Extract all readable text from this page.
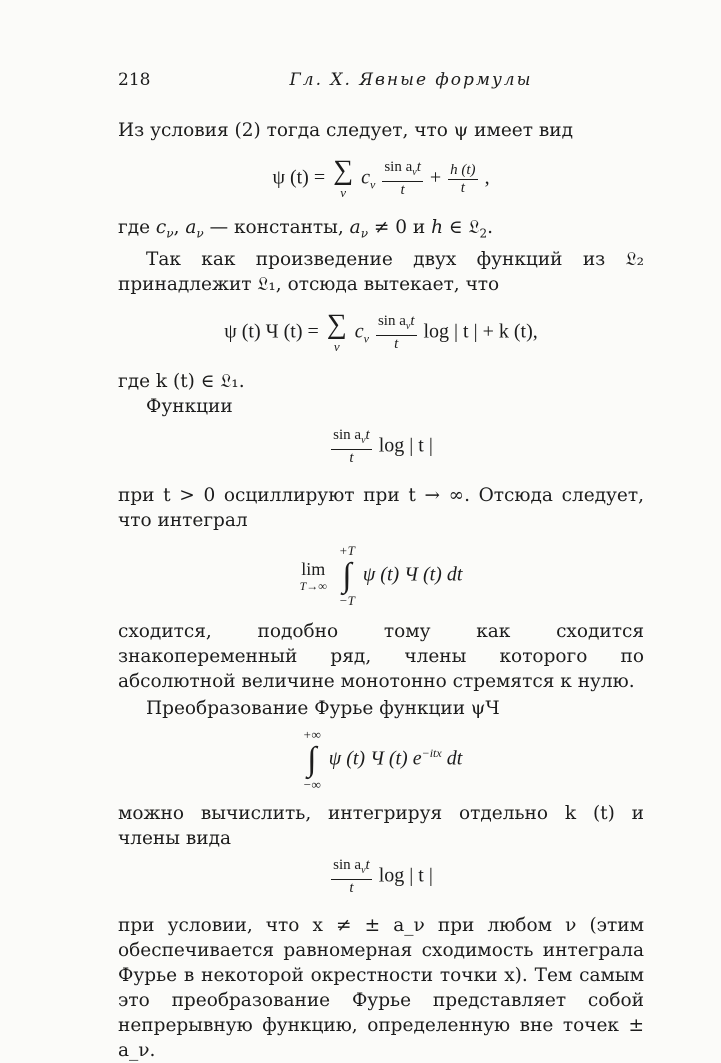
218	Гл. X. Явные формулы

Из условия (2) тогда следует, что ψ имеет вид

ψ (t) = ∑
ν
$c_\nu \frac{\sin a_\nu t}{t} + \frac{h (t)}{t}$ ,

где $c_\nu$, $a_\nu$ — константы, $a_\nu \ne 0$ и h ∈ 𝔏$_2$.

Так как произведение двух функций из 𝔏₂ принадлежит 𝔏₁, отсюда вытекает, что

ψ (t) Ч (t) = ∑
ν
$c_\nu \frac{\sin a_\nu t}{t}$ log | t | + k (t),

где k (t) ∈ 𝔏₁.

Функции

$\frac{\sin a_\nu t}{t}$ log | t |

при t > 0 осциллируют при t → ∞. Отсюда следует, что интеграл

lim
T→∞

+T
∫
−T
ψ (t) Ч (t) dt

сходится, подобно тому как сходится знакопеременный ряд, члены которого по абсолютной величине монотонно стремятся к нулю.

Преобразование Фурье функции ψЧ

+∞
∫
−∞
ψ (t) Ч (t) $e^{-itx}$ dt

можно вычислить, интегрируя отдельно k (t) и члены вида

$\frac{\sin a_\nu t}{t}$ log | t |

при условии, что x ≠ ± a_ν при любом ν (этим обеспечивается равномерная сходимость интеграла Фурье в некоторой окрестности точки x). Тем самым это преобразование Фурье представляет собой непрерывную функцию, определенную вне точек ± a_ν.
